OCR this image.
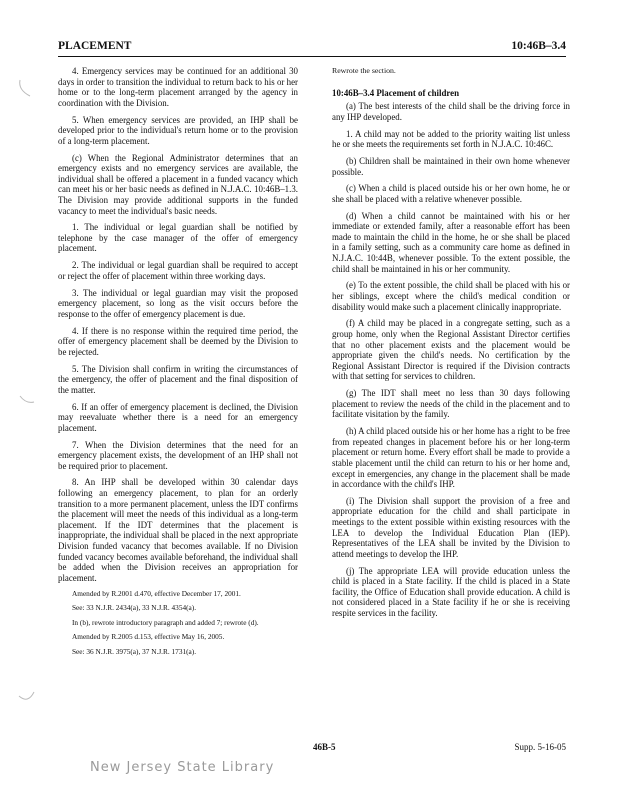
PLACEMENT	10:46B–3.4

4. Emergency services may be continued for an additional 30 days in order to transition the individual to return back to his or her home or to the long-term placement arranged by the agency in coordination with the Division.

5. When emergency services are provided, an IHP shall be developed prior to the individual's return home or to the provision of a long-term placement.

(c) When the Regional Administrator determines that an emergency exists and no emergency services are available, the individual shall be offered a placement in a funded vacancy which can meet his or her basic needs as defined in N.J.A.C. 10:46B–1.3. The Division may provide additional supports in the funded vacancy to meet the individual's basic needs.

1. The individual or legal guardian shall be notified by telephone by the case manager of the offer of emergency placement.

2. The individual or legal guardian shall be required to accept or reject the offer of placement within three working days.

3. The individual or legal guardian may visit the proposed emergency placement, so long as the visit occurs before the response to the offer of emergency placement is due.

4. If there is no response within the required time period, the offer of emergency placement shall be deemed by the Division to be rejected.

5. The Division shall confirm in writing the circumstances of the emergency, the offer of placement and the final disposition of the matter.

6. If an offer of emergency placement is declined, the Division may reevaluate whether there is a need for an emergency placement.

7. When the Division determines that the need for an emergency placement exists, the development of an IHP shall not be required prior to placement.

8. An IHP shall be developed within 30 calendar days following an emergency placement, to plan for an orderly transition to a more permanent placement, unless the IDT confirms the placement will meet the needs of this individual as a long-term placement. If the IDT determines that the placement is inappropriate, the individual shall be placed in the next appropriate Division funded vacancy that becomes available. If no Division funded vacancy becomes available beforehand, the individual shall be added when the Division receives an appropriation for placement.

Amended by R.2001 d.470, effective December 17, 2001.

See: 33 N.J.R. 2434(a), 33 N.J.R. 4354(a).

In (b), rewrote introductory paragraph and added 7; rewrote (d).

Amended by R.2005 d.153, effective May 16, 2005.

See: 36 N.J.R. 3975(a), 37 N.J.R. 1731(a).

Rewrote the section.

10:46B–3.4 Placement of children

(a) The best interests of the child shall be the driving force in any IHP developed.

1. A child may not be added to the priority waiting list unless he or she meets the requirements set forth in N.J.A.C. 10:46C.

(b) Children shall be maintained in their own home whenever possible.

(c) When a child is placed outside his or her own home, he or she shall be placed with a relative whenever possible.

(d) When a child cannot be maintained with his or her immediate or extended family, after a reasonable effort has been made to maintain the child in the home, he or she shall be placed in a family setting, such as a community care home as defined in N.J.A.C. 10:44B, whenever possible. To the extent possible, the child shall be maintained in his or her community.

(e) To the extent possible, the child shall be placed with his or her siblings, except where the child's medical condition or disability would make such a placement clinically inappropriate.

(f) A child may be placed in a congregate setting, such as a group home, only when the Regional Assistant Director certifies that no other placement exists and the placement would be appropriate given the child's needs. No certification by the Regional Assistant Director is required if the Division contracts with that setting for services to children.

(g) The IDT shall meet no less than 30 days following placement to review the needs of the child in the placement and to facilitate visitation by the family.

(h) A child placed outside his or her home has a right to be free from repeated changes in placement before his or her long-term placement or return home. Every effort shall be made to provide a stable placement until the child can return to his or her home and, except in emergencies, any change in the placement shall be made in accordance with the child's IHP.

(i) The Division shall support the provision of a free and appropriate education for the child and shall participate in meetings to the extent possible within existing resources with the LEA to develop the Individual Education Plan (IEP). Representatives of the LEA shall be invited by the Division to attend meetings to develop the IHP.

(j) The appropriate LEA will provide education unless the child is placed in a State facility. If the child is placed in a State facility, the Office of Education shall provide education. A child is not considered placed in a State facility if he or she is receiving respite services in the facility.

46B-5	Supp. 5-16-05
New Jersey State Library
